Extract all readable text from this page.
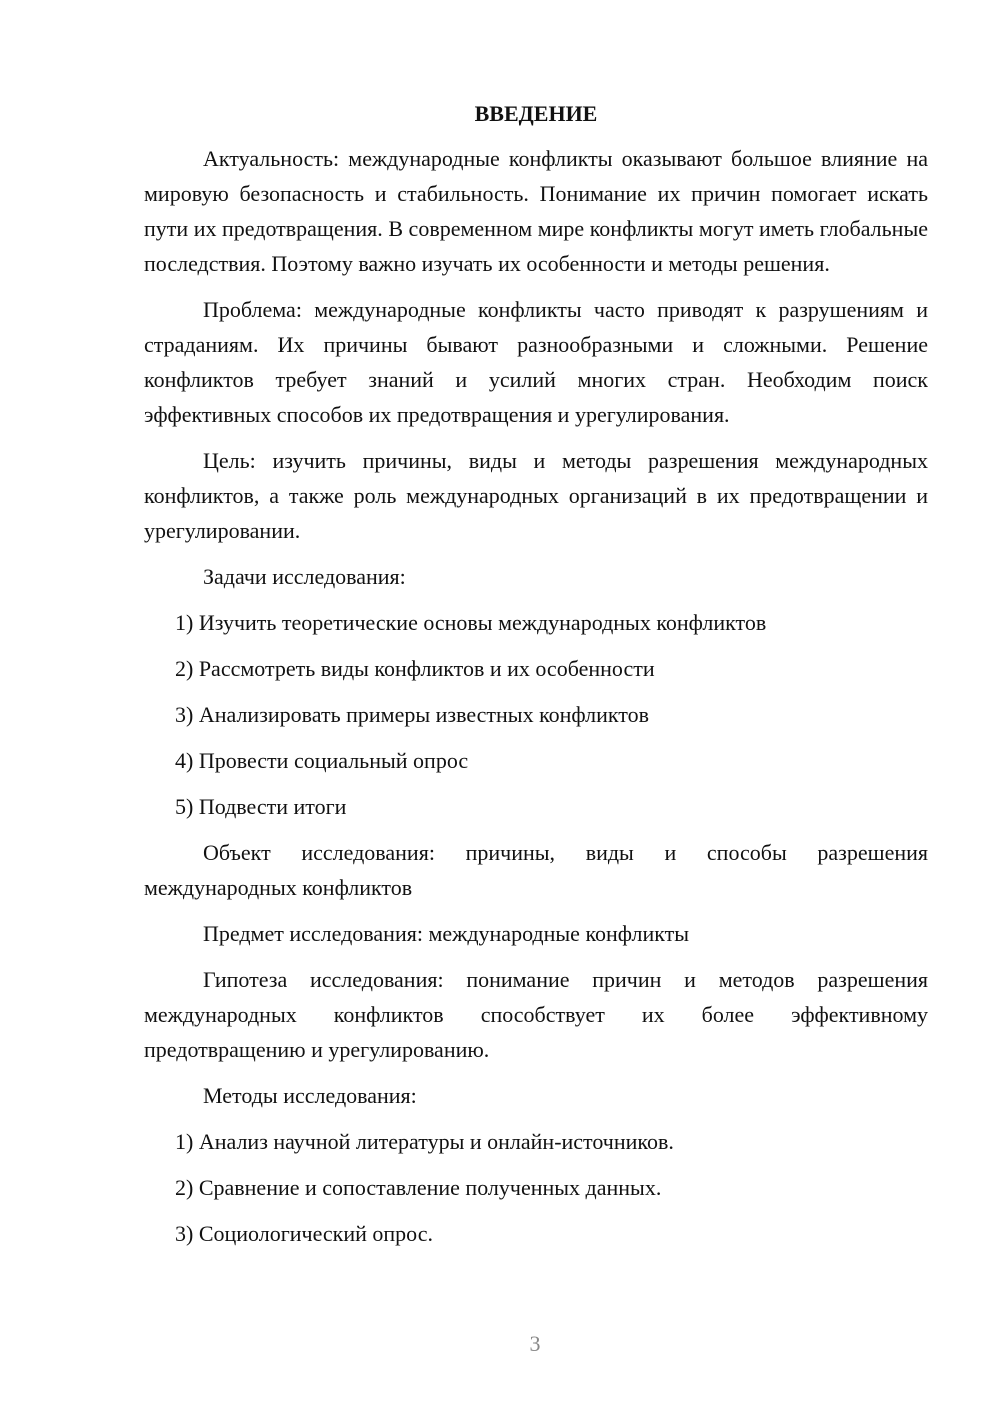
ВВЕДЕНИЕ

Актуальность: международные конфликты оказывают большое влияние на мировую безопасность и стабильность. Понимание их причин помогает искать пути их предотвращения. В современном мире конфликты могут иметь глобальные последствия. Поэтому важно изучать их особенности и методы решения.

Проблема: международные конфликты часто приводят к разрушениям и страданиям. Их причины бывают разнообразными и сложными. Решение конфликтов требует знаний и усилий многих стран. Необходим поиск эффективных способов их предотвращения и урегулирования.

Цель: изучить причины, виды и методы разрешения международных конфликтов, а также роль международных организаций в их предотвращении и урегулировании.

Задачи исследования:

1) Изучить теоретические основы международных конфликтов
2) Рассмотреть виды конфликтов и их особенности
3) Анализировать примеры известных конфликтов
4) Провести социальный опрос
5) Подвести итоги

Объект исследования: причины, виды и способы разрешения международных конфликтов

Предмет исследования: международные конфликты

Гипотеза исследования: понимание причин и методов разрешения международных конфликтов способствует их более эффективному предотвращению и урегулированию.

Методы исследования:

1) Анализ научной литературы и онлайн-источников.
2) Сравнение и сопоставление полученных данных.
3) Социологический опрос.
3
